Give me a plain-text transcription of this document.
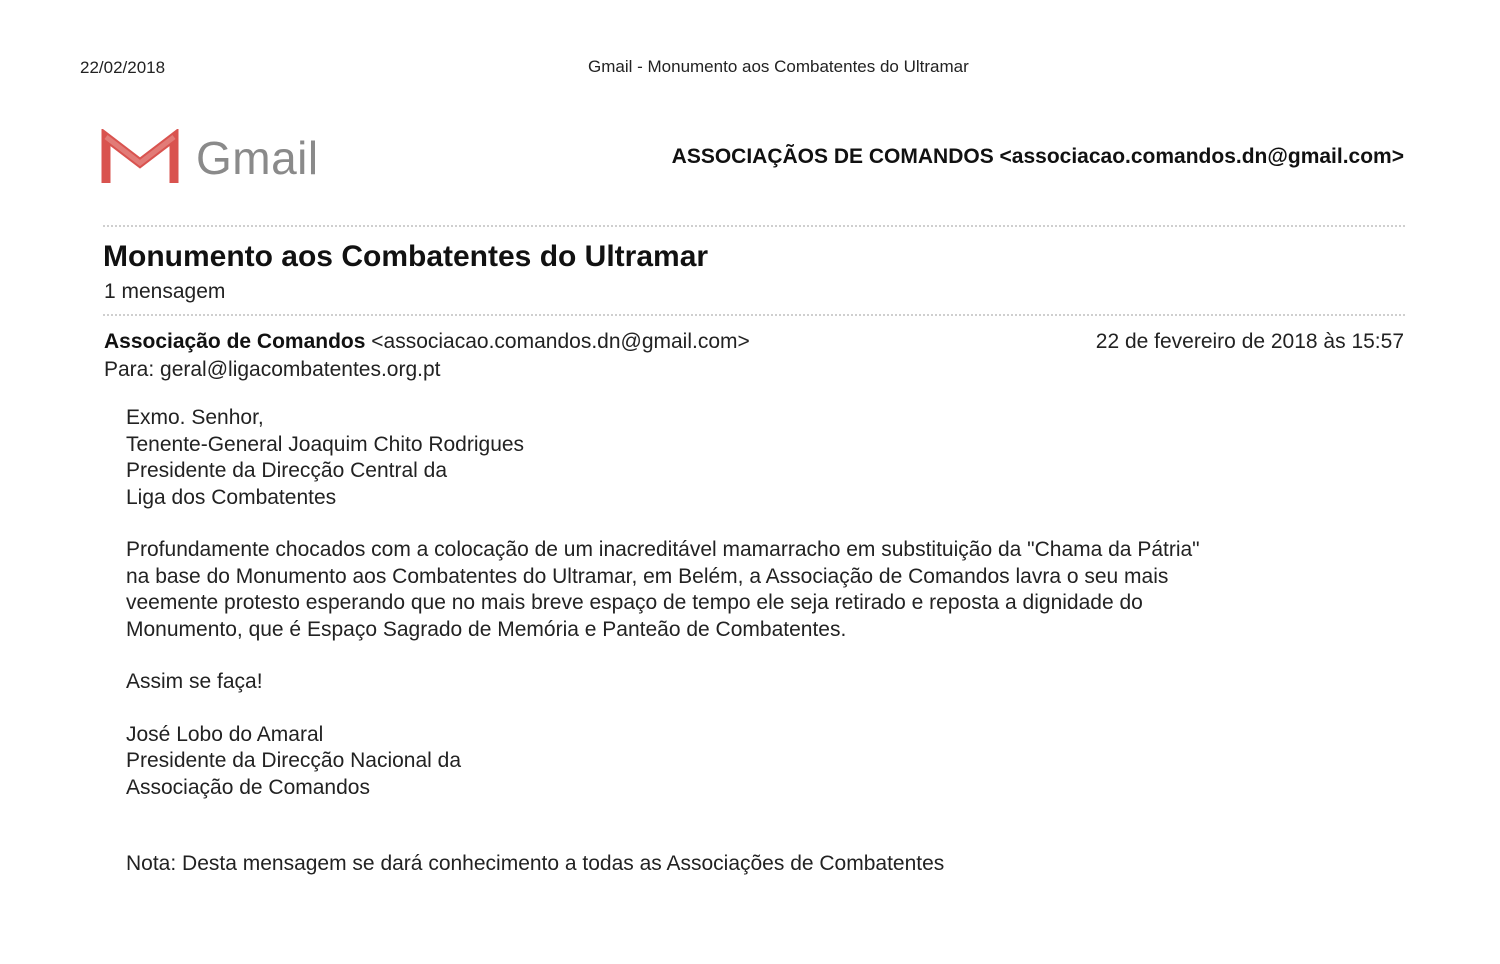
22/02/2018	Gmail - Monumento aos Combatentes do Ultramar
Gmail	ASSOCIAÇÃOS DE COMANDOS <associacao.comandos.dn@gmail.com>
Monumento aos Combatentes do Ultramar
1 mensagem
Associação de Comandos <associacao.comandos.dn@gmail.com>	22 de fevereiro de 2018 às 15:57
Para: geral@ligacombatentes.org.pt
Exmo. Senhor,
Tenente-General Joaquim Chito Rodrigues
Presidente da Direcção Central da
Liga dos Combatentes
Profundamente chocados com a colocação de um inacreditável mamarracho em substituição da "Chama da Pátria"
na base do Monumento aos Combatentes do Ultramar, em Belém, a Associação de Comandos lavra o seu mais
veemente protesto esperando que no mais breve espaço de tempo ele seja retirado e reposta a dignidade do
Monumento, que é Espaço Sagrado de Memória e Panteão de Combatentes.
Assim se faça!
José Lobo do Amaral
Presidente da Direcção Nacional da
Associação de Comandos
Nota: Desta mensagem se dará conhecimento a todas as Associações de Combatentes
